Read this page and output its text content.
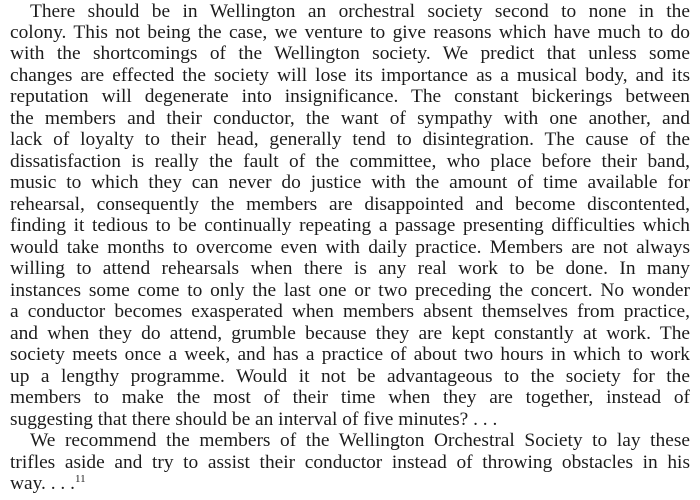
There should be in Wellington an orchestral society second to none in the
colony. This not being the case, we venture to give reasons which have much to do
with the shortcomings of the Wellington society. We predict that unless some
changes are effected the society will lose its importance as a musical body, and its
reputation will degenerate into insignificance. The constant bickerings between
the members and their conductor, the want of sympathy with one another, and
lack of loyalty to their head, generally tend to disintegration. The cause of the
dissatisfaction is really the fault of the committee, who place before their band,
music to which they can never do justice with the amount of time available for
rehearsal, consequently the members are disappointed and become discontented,
finding it tedious to be continually repeating a passage presenting difficulties which
would take months to overcome even with daily practice. Members are not always
willing to attend rehearsals when there is any real work to be done. In many
instances some come to only the last one or two preceding the concert. No wonder
a conductor becomes exasperated when members absent themselves from practice,
and when they do attend, grumble because they are kept constantly at work. The
society meets once a week, and has a practice of about two hours in which to work
up a lengthy programme. Would it not be advantageous to the society for the
members to make the most of their time when they are together, instead of
suggesting that there should be an interval of five minutes? . . .
We recommend the members of the Wellington Orchestral Society to lay these
trifles aside and try to assist their conductor instead of throwing obstacles in his
way. . . .$^{11}$
